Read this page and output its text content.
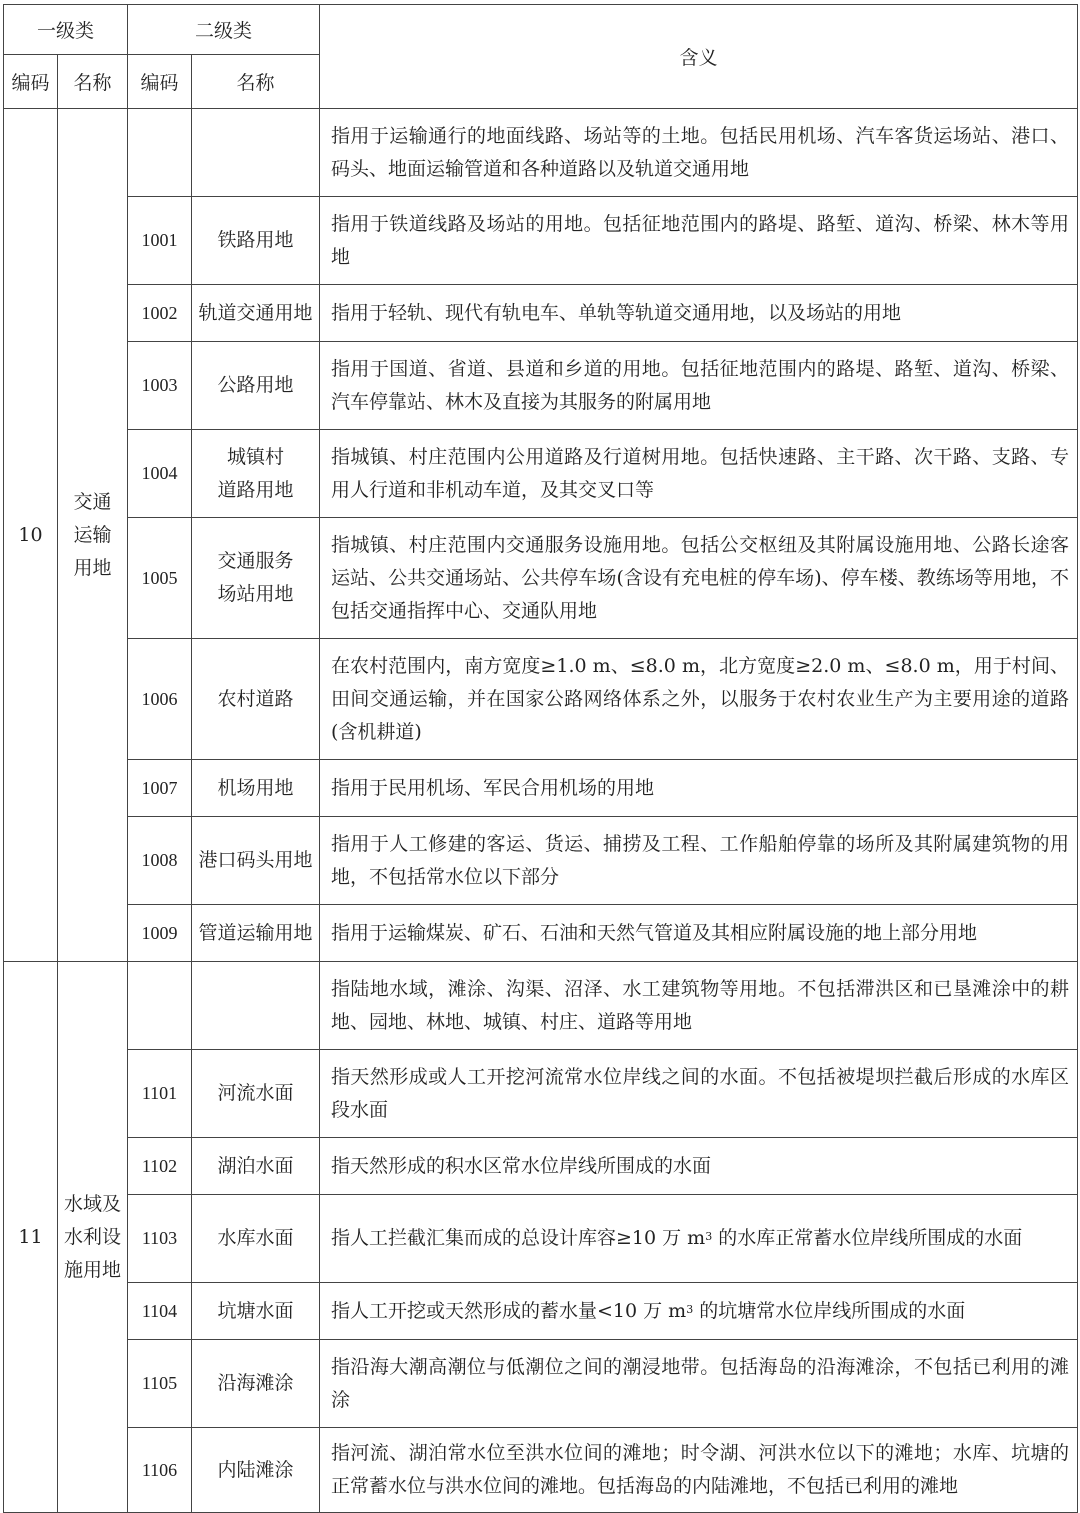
一级类		二级类		含义
编码	名称	编码	名称	
10	交通
运输
用地			指用于运输通行的地面线路、场站等的土地。包括民用机场、汽车客货运场站、港口、码头、地面运输管道和各种道路以及轨道交通用地
		1001	铁路用地	指用于铁道线路及场站的用地。包括征地范围内的路堤、路堑、道沟、桥梁、林木等用地
		1002	轨道交通用地	指用于轻轨、现代有轨电车、单轨等轨道交通用地，以及场站的用地
		1003	公路用地	指用于国道、省道、县道和乡道的用地。包括征地范围内的路堤、路堑、道沟、桥梁、汽车停靠站、林木及直接为其服务的附属用地
		1004	城镇村
道路用地	指城镇、村庄范围内公用道路及行道树用地。包括快速路、主干路、次干路、支路、专用人行道和非机动车道，及其交叉口等
		1005	交通服务
场站用地	指城镇、村庄范围内交通服务设施用地。包括公交枢纽及其附属设施用地、公路长途客运站、公共交通场站、公共停车场(含设有充电桩的停车场)、停车楼、教练场等用地，不包括交通指挥中心、交通队用地
		1006	农村道路	在农村范围内，南方宽度≥1.0 m、≤8.0 m，北方宽度≥2.0 m、≤8.0 m，用于村间、田间交通运输，并在国家公路网络体系之外，以服务于农村农业生产为主要用途的道路(含机耕道)
		1007	机场用地	指用于民用机场、军民合用机场的用地
		1008	港口码头用地	指用于人工修建的客运、货运、捕捞及工程、工作船舶停靠的场所及其附属建筑物的用地，不包括常水位以下部分
		1009	管道运输用地	指用于运输煤炭、矿石、石油和天然气管道及其相应附属设施的地上部分用地
11	水域及
水利设
施用地			指陆地水域，滩涂、沟渠、沼泽、水工建筑物等用地。不包括滞洪区和已垦滩涂中的耕地、园地、林地、城镇、村庄、道路等用地
		1101	河流水面	指天然形成或人工开挖河流常水位岸线之间的水面。不包括被堤坝拦截后形成的水库区段水面
		1102	湖泊水面	指天然形成的积水区常水位岸线所围成的水面
		1103	水库水面	指人工拦截汇集而成的总设计库容≥10 万 $m^3$ 的水库正常蓄水位岸线所围成的水面
		1104	坑塘水面	指人工开挖或天然形成的蓄水量<10 万 $m^3$ 的坑塘常水位岸线所围成的水面
		1105	沿海滩涂	指沿海大潮高潮位与低潮位之间的潮浸地带。包括海岛的沿海滩涂，不包括已利用的滩涂
		1106	内陆滩涂	指河流、湖泊常水位至洪水位间的滩地；时令湖、河洪水位以下的滩地；水库、坑塘的正常蓄水位与洪水位间的滩地。包括海岛的内陆滩地，不包括已利用的滩地
